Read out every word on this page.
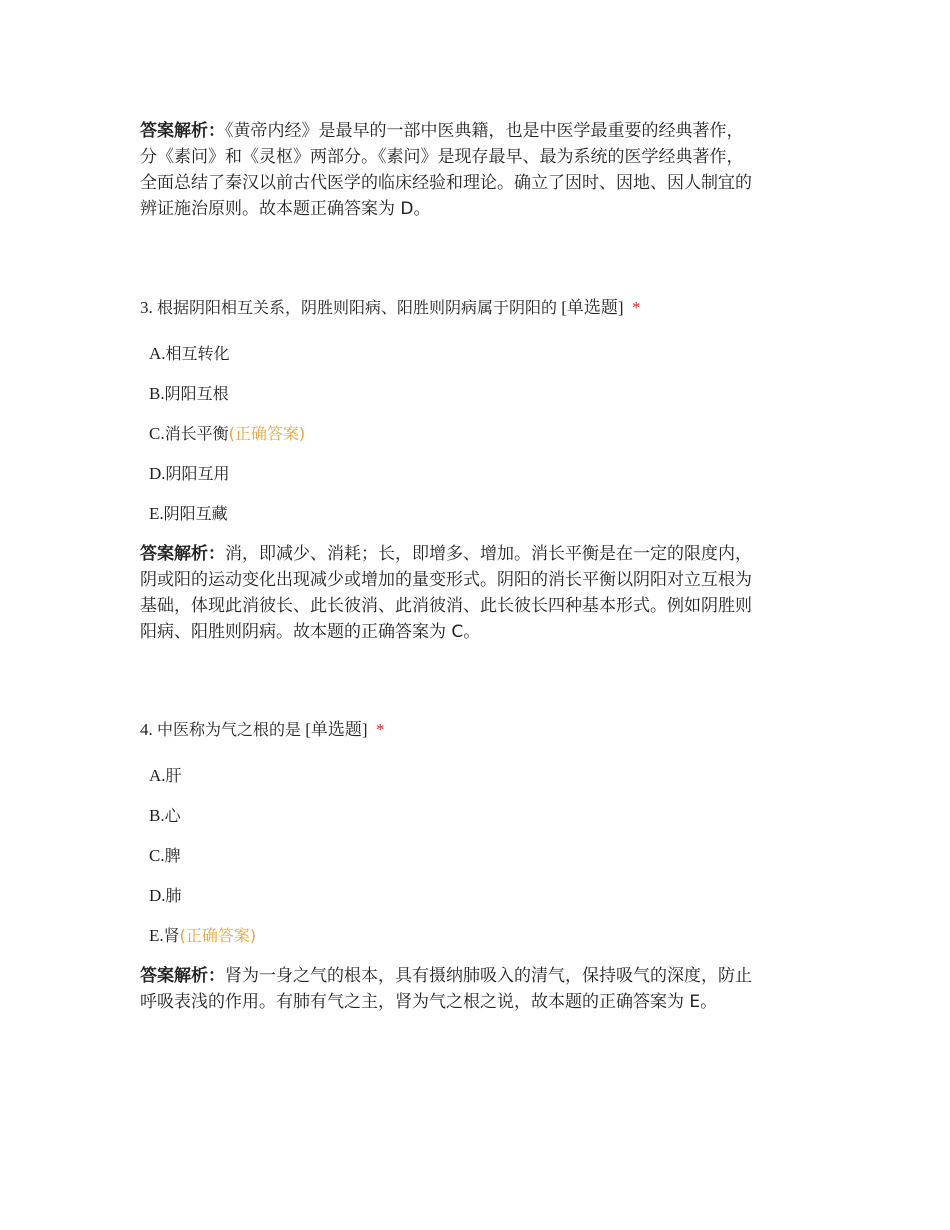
答案解析：《黄帝内经》是最早的一部中医典籍，也是中医学最重要的经典著作，
分《素问》和《灵枢》两部分。《素问》是现存最早、最为系统的医学经典著作，
全面总结了秦汉以前古代医学的临床经验和理论。确立了因时、因地、因人制宜的
辨证施治原则。故本题正确答案为 D。
3. 根据阴阳相互关系，阴胜则阳病、阳胜则阴病属于阴阳的 [单选题] *
A.相互转化
B.阴阳互根
C.消长平衡(正确答案)
D.阴阳互用
E.阴阳互藏
答案解析：消，即减少、消耗；长，即增多、增加。消长平衡是在一定的限度内，
阴或阳的运动变化出现减少或增加的量变形式。阴阳的消长平衡以阴阳对立互根为
基础，体现此消彼长、此长彼消、此消彼消、此长彼长四种基本形式。例如阴胜则
阳病、阳胜则阴病。故本题的正确答案为 C。
4. 中医称为气之根的是 [单选题] *
A.肝
B.心
C.脾
D.肺
E.肾(正确答案)
答案解析：肾为一身之气的根本，具有摄纳肺吸入的清气，保持吸气的深度，防止
呼吸表浅的作用。有肺有气之主，肾为气之根之说，故本题的正确答案为 E。
